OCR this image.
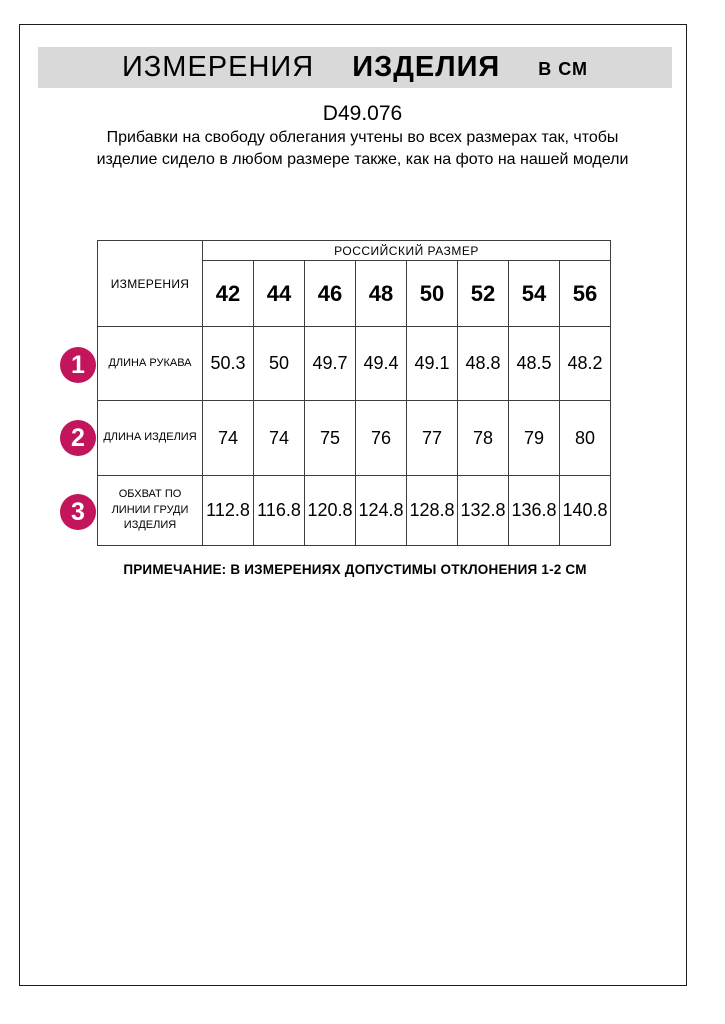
ИЗМЕРЕНИЯ ИЗДЕЛИЯ В СМ
D49.076
Прибавки на свободу облегания учтены во всех размерах так, чтобы изделие сидело в любом размере также, как на фото на нашей модели
ИЗМЕРЕНИЯ	РОССИЙСКИЙ РАЗМЕР							
	42	44	46	48	50	52	54	56
ДЛИНА РУКАВА	50.3	50	49.7	49.4	49.1	48.8	48.5	48.2
ДЛИНА ИЗДЕЛИЯ	74	74	75	76	77	78	79	80
ОБХВАТ ПО ЛИНИИ ГРУДИ ИЗДЕЛИЯ	112.8	116.8	120.8	124.8	128.8	132.8	136.8	140.8
1
2
3
ПРИМЕЧАНИЕ: В ИЗМЕРЕНИЯХ ДОПУСТИМЫ ОТКЛОНЕНИЯ 1-2 СМ
